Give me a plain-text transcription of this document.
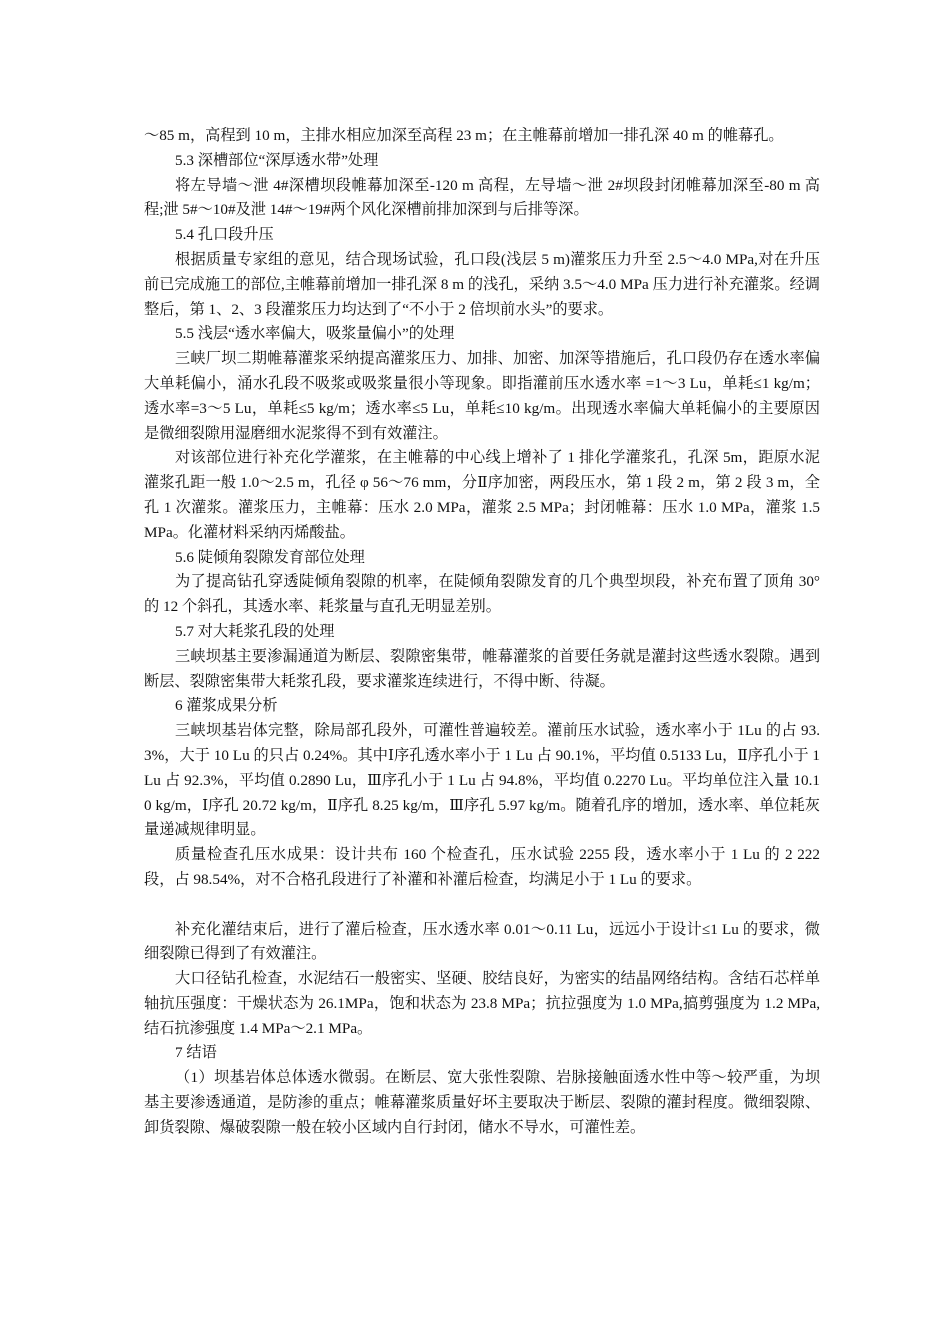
～85 m，高程到 10 m，主排水相应加深至高程 23 m；在主帷幕前增加一排孔深 40 m 的帷幕孔。

5.3 深槽部位“深厚透水带”处理

将左导墙～泄 4#深槽坝段帷幕加深至-120 m 高程，左导墙～泄 2#坝段封闭帷幕加深至-80 m 高程;泄 5#～10#及泄 14#～19#两个风化深槽前排加深到与后排等深。

5.4 孔口段升压

根据质量专家组的意见，结合现场试验，孔口段(浅层 5 m)灌浆压力升至 2.5～4.0 MPa,对在升压前已完成施工的部位,主帷幕前增加一排孔深 8 m 的浅孔，采纳 3.5～4.0 MPa 压力进行补充灌浆。经调整后，第 1、2、3 段灌浆压力均达到了“不小于 2 倍坝前水头”的要求。

5.5 浅层“透水率偏大，吸浆量偏小”的处理

三峡厂坝二期帷幕灌浆采纳提高灌浆压力、加排、加密、加深等措施后，孔口段仍存在透水率偏大单耗偏小，涌水孔段不吸浆或吸浆量很小等现象。即指灌前压水透水率 =1～3 Lu，单耗≤1 kg/m；透水率=3～5 Lu，单耗≤5 kg/m；透水率≤5 Lu，单耗≤10 kg/m。出现透水率偏大单耗偏小的主要原因是微细裂隙用湿磨细水泥浆得不到有效灌注。

对该部位进行补充化学灌浆，在主帷幕的中心线上增补了 1 排化学灌浆孔，孔深 5m，距原水泥灌浆孔距一般 1.0～2.5 m，孔径 φ 56～76 mm，分Ⅱ序加密，两段压水，第 1 段 2 m，第 2 段 3 m，全孔 1 次灌浆。灌浆压力，主帷幕：压水 2.0 MPa，灌浆 2.5 MPa；封闭帷幕：压水 1.0 MPa，灌浆 1.5 MPa。化灌材料采纳丙烯酸盐。

5.6 陡倾角裂隙发育部位处理

为了提高钻孔穿透陡倾角裂隙的机率，在陡倾角裂隙发育的几个典型坝段，补充布置了顶角 30°的 12 个斜孔，其透水率、耗浆量与直孔无明显差别。

5.7 对大耗浆孔段的处理

三峡坝基主要渗漏通道为断层、裂隙密集带，帷幕灌浆的首要任务就是灌封这些透水裂隙。遇到断层、裂隙密集带大耗浆孔段，要求灌浆连续进行，不得中断、待凝。

6 灌浆成果分析

三峡坝基岩体完整，除局部孔段外，可灌性普遍较差。灌前压水试验，透水率小于 1Lu 的占 93.3%，大于 10 Lu 的只占 0.24%。其中Ⅰ序孔透水率小于 1 Lu 占 90.1%，平均值 0.5133 Lu，Ⅱ序孔小于 1Lu 占 92.3%，平均值 0.2890 Lu，Ⅲ序孔小于 1 Lu 占 94.8%，平均值 0.2270 Lu。平均单位注入量 10.10 kg/m，Ⅰ序孔 20.72 kg/m，Ⅱ序孔 8.25 kg/m，Ⅲ序孔 5.97 kg/m。随着孔序的增加，透水率、单位耗灰量递减规律明显。

质量检查孔压水成果：设计共布 160 个检查孔，压水试验 2255 段，透水率小于 1 Lu 的 2 222 段，占 98.54%，对不合格孔段进行了补灌和补灌后检查，均满足小于 1 Lu 的要求。

补充化灌结束后，进行了灌后检查，压水透水率 0.01～0.11 Lu，远远小于设计≤1 Lu 的要求，微细裂隙已得到了有效灌注。

大口径钻孔检查，水泥结石一般密实、坚硬、胶结良好，为密实的结晶网络结构。含结石芯样单轴抗压强度：干燥状态为 26.1MPa，饱和状态为 23.8 MPa；抗拉强度为 1.0 MPa,搞剪强度为 1.2 MPa,结石抗渗强度 1.4 MPa～2.1 MPa。

7 结语

（1）坝基岩体总体透水微弱。在断层、宽大张性裂隙、岩脉接触面透水性中等～较严重，为坝基主要渗透通道，是防渗的重点；帷幕灌浆质量好坏主要取决于断层、裂隙的灌封程度。微细裂隙、卸货裂隙、爆破裂隙一般在较小区域内自行封闭，储水不导水，可灌性差。
